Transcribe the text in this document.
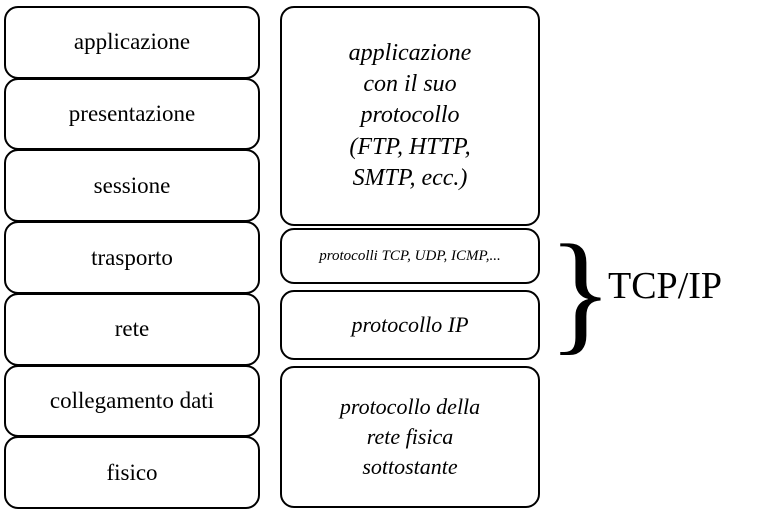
applicazione
presentazione
sessione
trasporto
rete
collegamento dati
fisico
applicazione
con il suo
protocollo
(FTP, HTTP,
SMTP, ecc.)
protocolli TCP, UDP, ICMP,...
protocollo IP
protocollo della
rete fisica
sottostante
}
TCP/IP
